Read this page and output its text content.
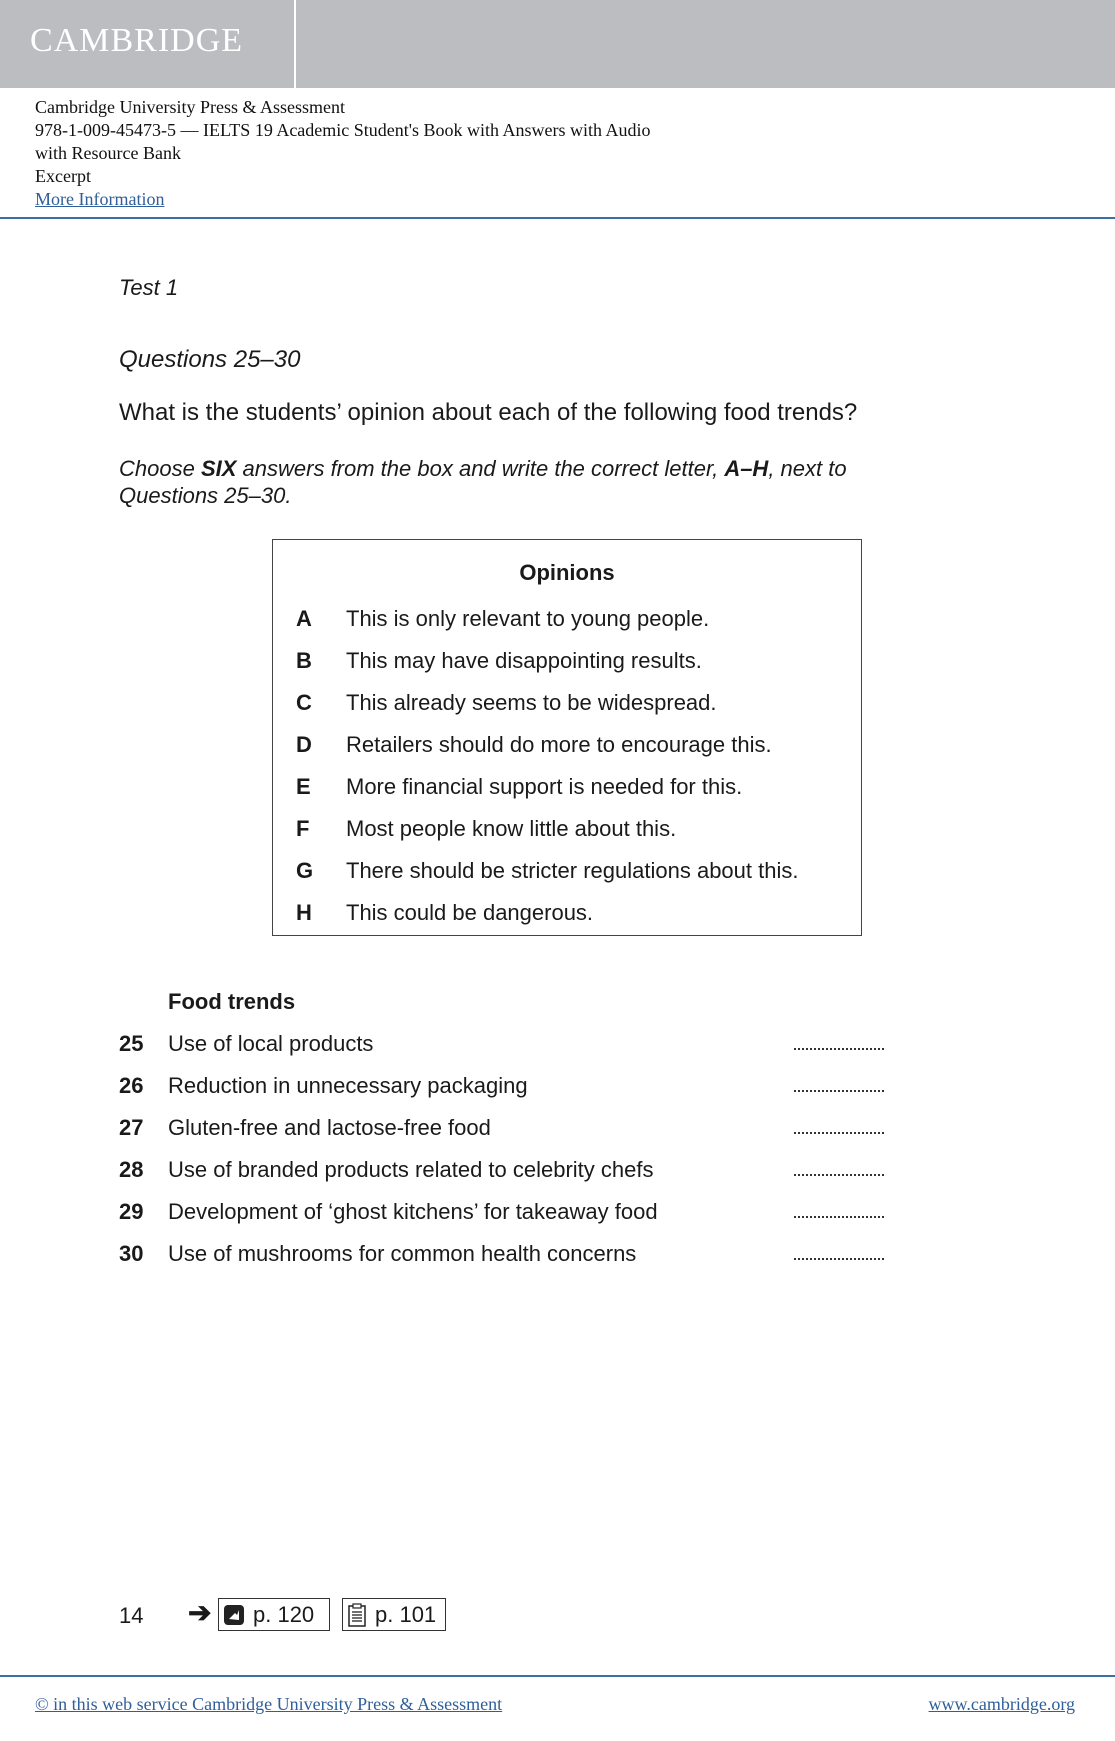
CAMBRIDGE
Cambridge University Press & Assessment
978-1-009-45473-5 — IELTS 19 Academic Student's Book with Answers with Audio
with Resource Bank
Excerpt
More Information
Test 1
Questions 25–30
What is the students’ opinion about each of the following food trends?
Choose SIX answers from the box and write the correct letter, A–H, next to Questions 25–30.
Opinions
A	This is only relevant to young people.
B	This may have disappointing results.
C	This already seems to be widespread.
D	Retailers should do more to encourage this.
E	More financial support is needed for this.
F	Most people know little about this.
G	There should be stricter regulations about this.
H	This could be dangerous.
Food trends
25	Use of local products
26	Reduction in unnecessary packaging
27	Gluten-free and lactose-free food
28	Use of branded products related to celebrity chefs
29	Development of ‘ghost kitchens’ for takeaway food
30	Use of mushrooms for common health concerns
14 ➔ p. 120	p. 101
© in this web service Cambridge University Press & Assessment	www.cambridge.org
